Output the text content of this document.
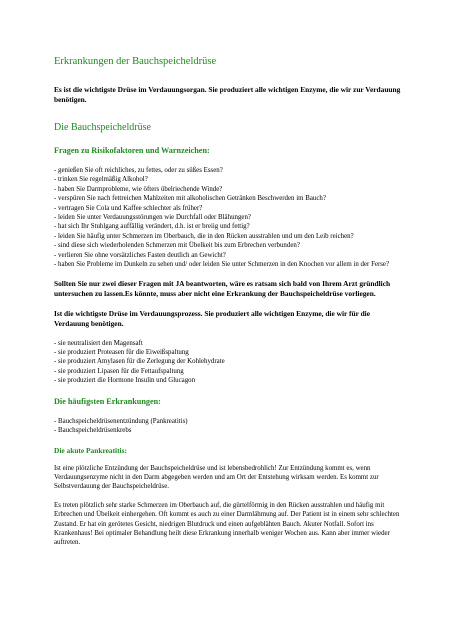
Erkrankungen der Bauchspeicheldrüse
Es ist die wichtigste Drüse im Verdauungsorgan. Sie produziert alle wichtigen Enzyme, die wir zur Verdauung benötigen.
Die Bauchspeicheldrüse
Fragen zu Risikofaktoren und Warnzeichen:
- genießen Sie oft reichliches, zu fettes, oder zu süßes Essen?
- trinken Sie regelmäßig Alkohol?
- haben Sie Darmprobleme, wie öfters übelriechende Winde?
- verspüren Sie nach fettreichen Mahlzeiten mit alkoholischen Getränken Beschwerden im Bauch?
- vertragen Sie Cola und Kaffee schlechter als früher?
- leiden Sie unter Verdauungsstörungen wie Durchfall oder Blähungen?
- hat sich Ihr Stuhlgang auffällig verändert, d.h. ist er breiig und fettig?
- leiden Sie häufig unter Schmerzen im Oberbauch, die in den Rücken ausstrahlen und um den Leib reichen?
- sind diese sich wiederholenden Schmerzen mit Übelkeit bis zum Erbrechen verbunden?
- verlieren Sie ohne vorsätzliches Fasten deutlich an Gewicht?
- haben Sie Probleme im Dunkeln zu sehen und/ oder leiden Sie unter Schmerzen in den Knochen vor allem in der Ferse?
Sollten Sie nur zwei dieser Fragen mit JA beantworten, wäre es ratsam sich bald von Ihrem Arzt gründlich untersuchen zu lassen.Es könnte, muss aber nicht eine Erkrankung der Bauchspeicheldrüse vorliegen.
Ist die wichtigste Drüse im Verdauungsprozess. Sie produziert alle wichtigen Enzyme, die wir für die Verdauung benötigen.
- sie neutralisiert den Magensaft
- sie produziert Proteasen für die Eiweißspaltung
- sie produziert Amylasen für die Zerlegung der Kohlehydrate
- sie produziert Lipasen für die Fettaufspaltung
- sie produziert die Hormone Insulin und Glucagon
Die häufigsten Erkrankungen:
- Bauchspeicheldrüsenentzündung (Pankreatitis)
- Bauchspeicheldrüsenkrebs
Die akute Pankreatitis:
Ist eine plötzliche Entzündung der Bauchspeicheldrüse und ist lebensbedrohlich! Zur Entzündung kommt es, wenn Verdauungsenzyme nicht in den Darm abgegeben werden und am Ort der Entstehung wirksam werden. Es kommt zur Selbstverdauung der Bauchspeicheldrüse.
Es treten plötzlich sehr starke Schmerzen im Oberbauch auf, die gürtelförmig in den Rücken ausstrahlen und häufig mit Erbrechen und Übelkeit einhergehen. Oft kommt es auch zu einer Darmlähmung auf. Der Patient ist in einem sehr schlechten Zustand. Er hat ein gerötetes Gesicht, niedrigen Blutdruck und einen aufgeblähten Bauch. Akuter Notfall. Sofort ins Krankenhaus! Bei optimaler Behandlung heilt diese Erkrankung innerhalb weniger Wochen aus. Kann aber immer wieder auftreten.
